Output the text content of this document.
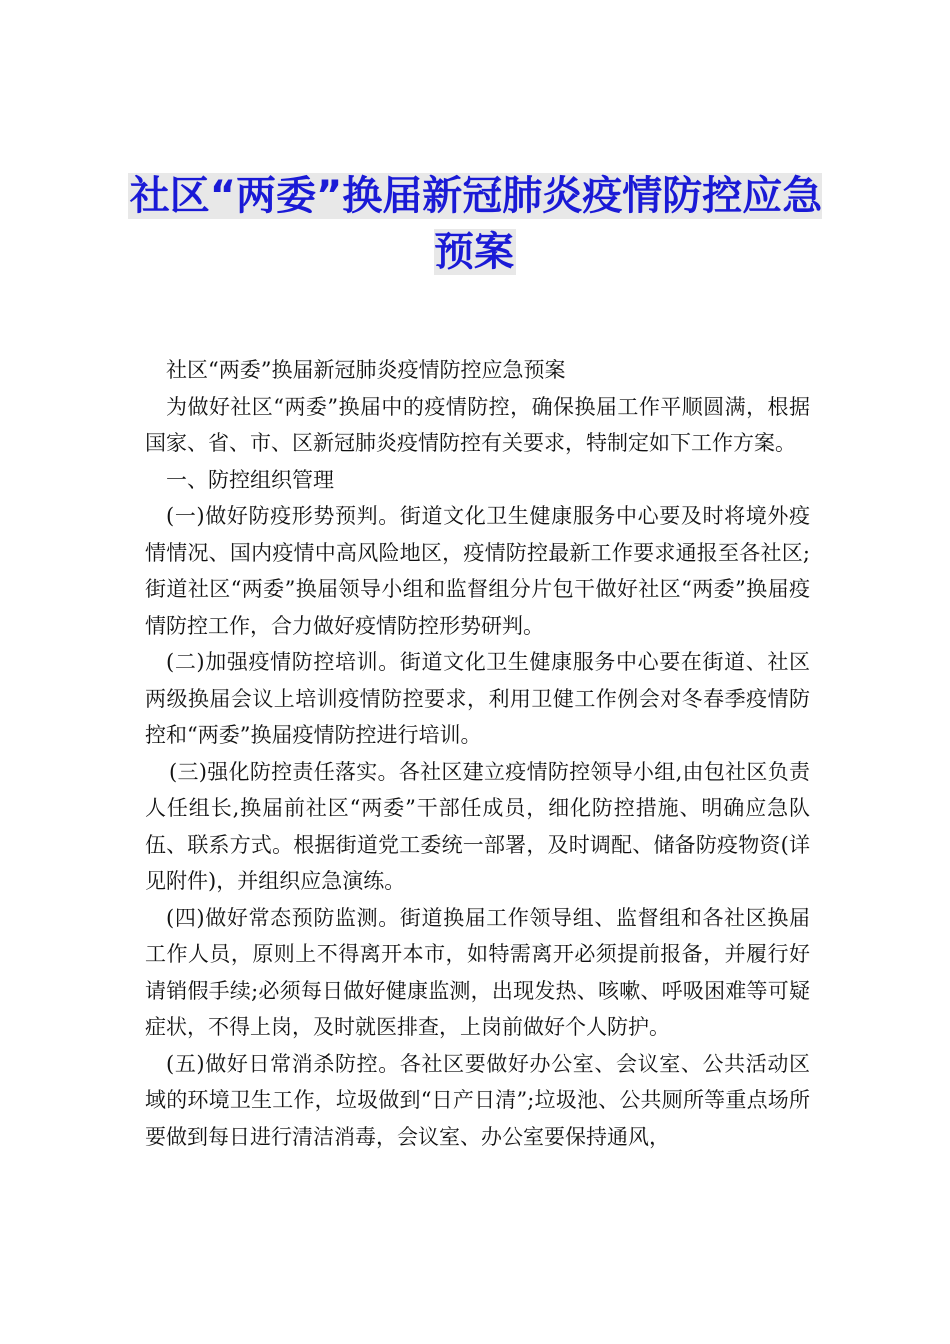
社区“两委”换届新冠肺炎疫情防控应急预案

社区“两委”换届新冠肺炎疫情防控应急预案

为做好社区“两委”换届中的疫情防控，确保换届工作平顺圆满，根据国家、省、市、区新冠肺炎疫情防控有关要求，特制定如下工作方案。

一、防控组织管理

(一)做好防疫形势预判。街道文化卫生健康服务中心要及时将境外疫情情况、国内疫情中高风险地区，疫情防控最新工作要求通报至各社区;街道社区“两委”换届领导小组和监督组分片包干做好社区“两委”换届疫情防控工作，合力做好疫情防控形势研判。

(二)加强疫情防控培训。街道文化卫生健康服务中心要在街道、社区两级换届会议上培训疫情防控要求，利用卫健工作例会对冬春季疫情防控和“两委”换届疫情防控进行培训。

(三)强化防控责任落实。各社区建立疫情防控领导小组,由包社区负责人任组长,换届前社区“两委”干部任成员，细化防控措施、明确应急队伍、联系方式。根据街道党工委统一部署，及时调配、储备防疫物资(详见附件)，并组织应急演练。

(四)做好常态预防监测。街道换届工作领导组、监督组和各社区换届工作人员，原则上不得离开本市，如特需离开必须提前报备，并履行好请销假手续;必须每日做好健康监测，出现发热、咳嗽、呼吸困难等可疑症状，不得上岗，及时就医排查，上岗前做好个人防护。

(五)做好日常消杀防控。各社区要做好办公室、会议室、公共活动区域的环境卫生工作，垃圾做到“日产日清”;垃圾池、公共厕所等重点场所要做到每日进行清洁消毒，会议室、办公室要保持通风，
